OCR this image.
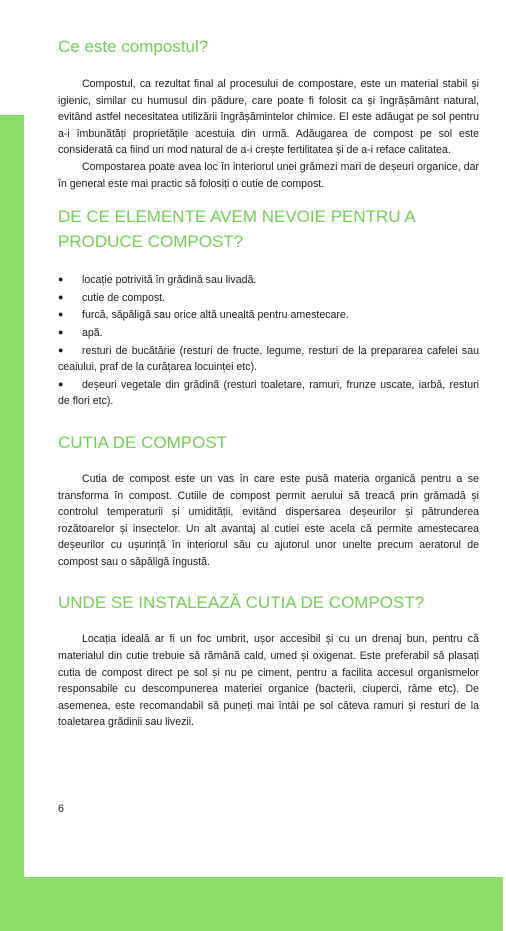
Ce este compostul?

Compostul, ca rezultat final al procesului de compostare, este un material stabil și igienic, similar cu humusul din pădure, care poate fi folosit ca și îngrășământ natural, evitând astfel necesitatea utilizării îngrășămintelor chimice. El este adăugat pe sol pentru a-i îmbunătăți proprietățile acestuia din urmă. Adăugarea de compost pe sol este considerată ca fiind un mod natural de a-i crește fertilitatea și de a-i reface calitatea.

Compostarea poate avea loc în interiorul unei grămezi mari de deșeuri organice, dar în general este mai practic să folosiți o cutie de compost.

DE CE ELEMENTE AVEM NEVOIE PENTRU A PRODUCE COMPOST?
● locație potrivită în grădină sau livadă.
● cutie de compost.
● furcă, săpăligă sau orice altă unealtă pentru amestecare.
● apă.
● resturi de bucătărie (resturi de fructe, legume, resturi de la prepararea cafelei sau ceaiului, praf de la curățarea locuinței etc).
● deșeuri vegetale din grădină (resturi toaletare, ramuri, frunze uscate, iarbă, resturi de flori etc).
CUTIA DE COMPOST

Cutia de compost este un vas în care este pusă materia organică pentru a se transforma în compost. Cutiile de compost permit aerului să treacă prin grămadă și controlul temperaturii și umidității, evitând dispersarea deșeurilor și pătrunderea rozătoarelor și insectelor. Un alt avantaj al cutiei este acela că permite amestecarea deșeurilor cu ușurință în interiorul său cu ajutorul unor unelte precum aeratorul de compost sau o săpăligă îngustă.

UNDE SE INSTALEAZĂ CUTIA DE COMPOST?

Locația ideală ar fi un foc umbrit, ușor accesibil și cu un drenaj bun, pentru că materialul din cutie trebuie să rămână cald, umed și oxigenat. Este preferabil să plasați cutia de compost direct pe sol și nu pe ciment, pentru a facilita accesul organismelor responsabile cu descompunerea materiei organice (bacterii, ciuperci, râme etc). De asemenea, este recomandabil să puneți mai întâi pe sol câteva ramuri și resturi de la toaletarea grădinii sau livezii.

6
